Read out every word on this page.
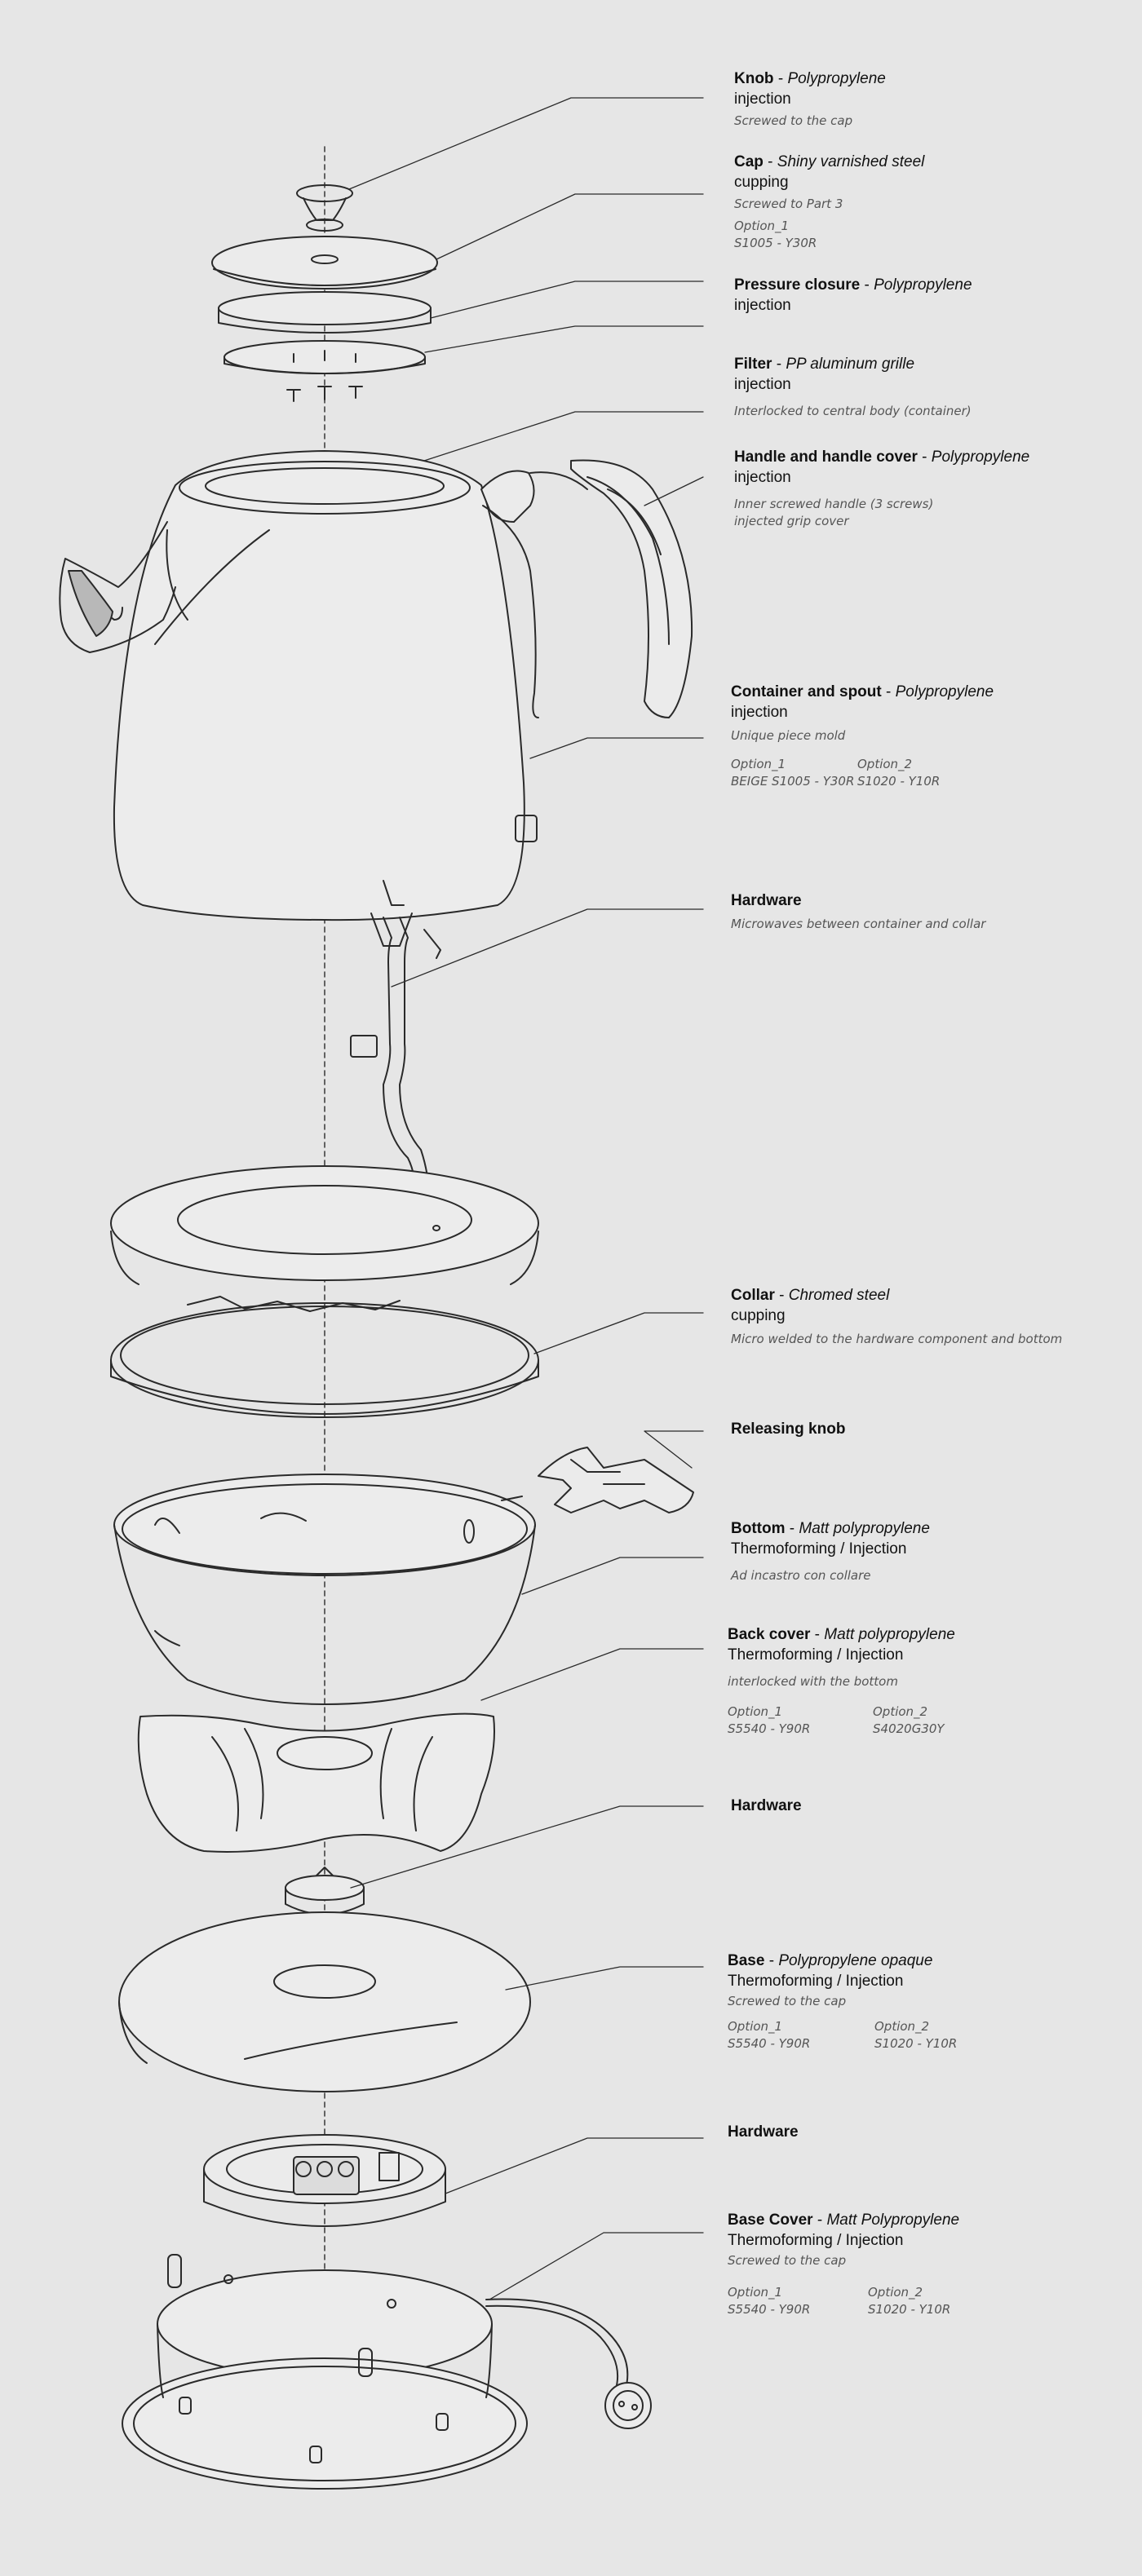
Knob - Polypropylene
injection
Screwed to the cap
Cap - Shiny varnished steel
cupping
Screwed to Part 3
Option_1
S1005 - Y30R
Pressure closure - Polypropylene
injection
Filter - PP aluminum grille
injection
Interlocked to central body (container)
Handle and handle cover - Polypropylene
injection
Inner screwed handle (3 screws)
injected grip cover
Container and spout - Polypropylene
injection
Unique piece mold
Option_1
BEIGE S1005 - Y30R
Option_2
S1020 - Y10R
Hardware
Microwaves between container and collar
Collar - Chromed steel
cupping
Micro welded to the hardware component and bottom
Releasing knob
Bottom - Matt polypropylene
Thermoforming / Injection
Ad incastro con collare
Back cover - Matt polypropylene
Thermoforming / Injection
interlocked with the bottom
Option_1
S5540 - Y90R
Option_2
S4020G30Y
Hardware
Base - Polypropylene opaque
Thermoforming / Injection
Screwed to the cap
Option_1
S5540 - Y90R
Option_2
S1020 - Y10R
Hardware
Base Cover - Matt Polypropylene
Thermoforming / Injection
Screwed to the cap
Option_1
S5540 - Y90R
Option_2
S1020 - Y10R
